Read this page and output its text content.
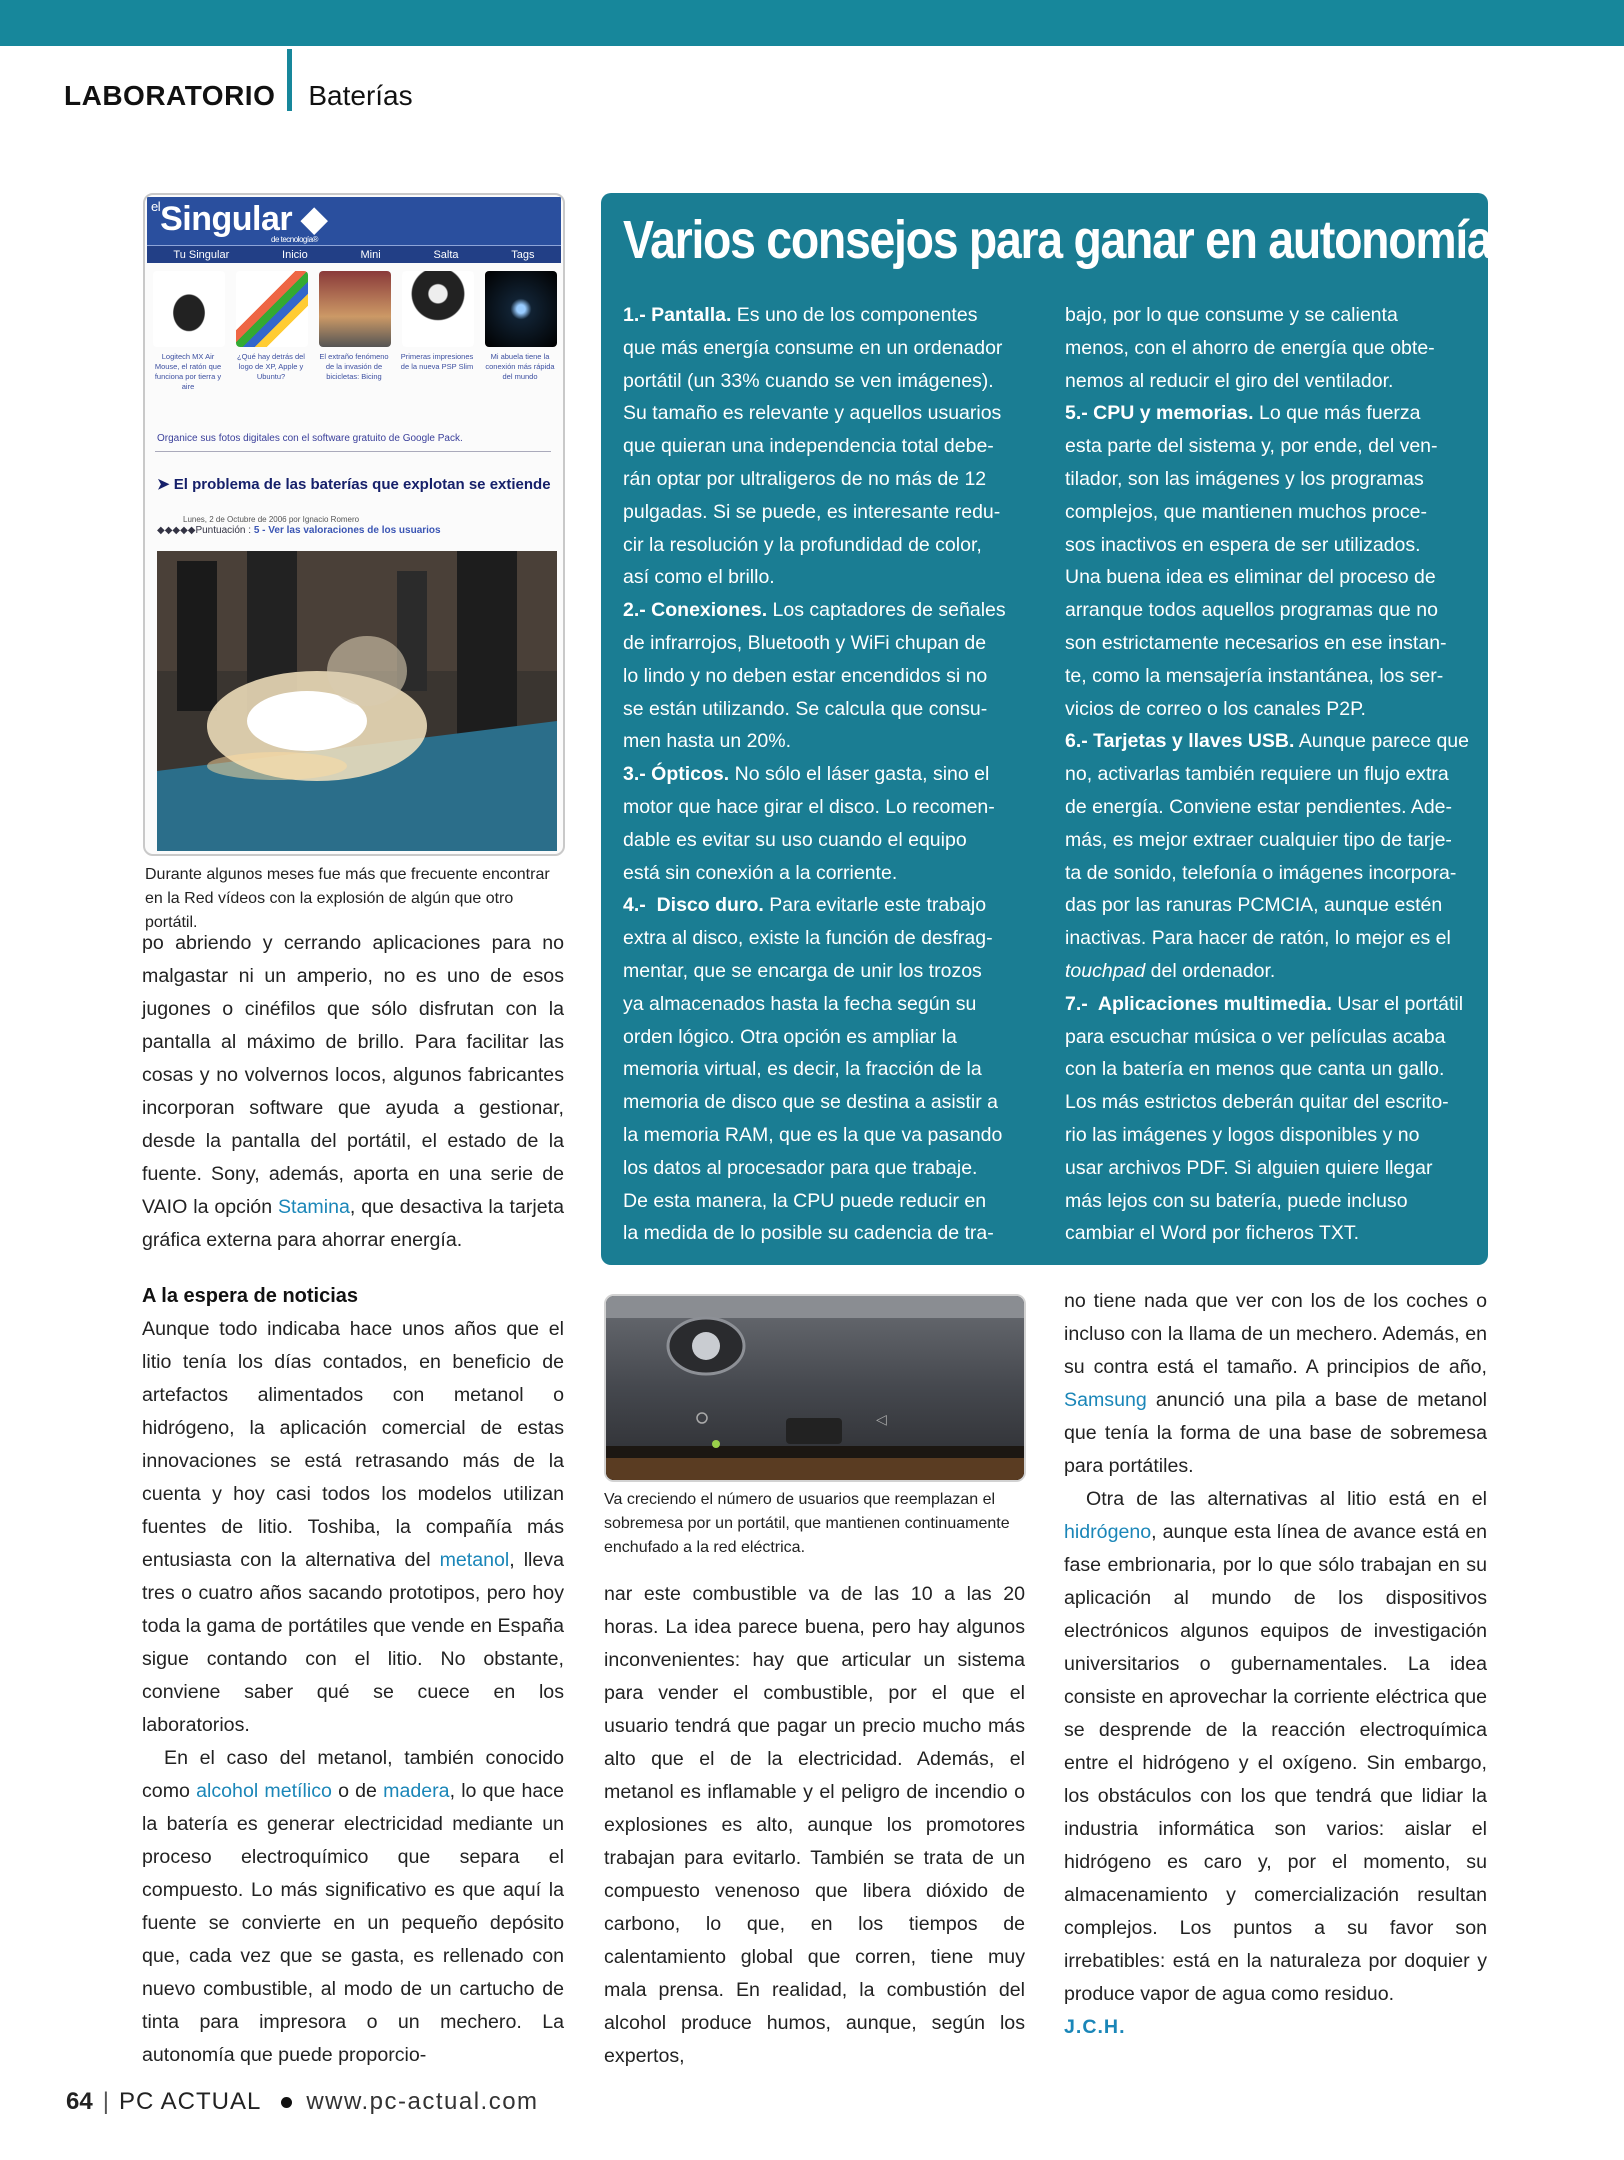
LABORATORIO Baterías
$^{el}$Singular ◆
de tecnología®
Tu Singular	Inicio	Mini	Salta	Tags
Logitech MX Air Mouse, el ratón que funciona por tierra y aire
¿Qué hay detrás del logo de XP, Apple y Ubuntu?
El extraño fenómeno de la invasión de bicicletas: Bicing
Primeras impresiones de la nueva PSP Slim
Mi abuela tiene la conexión más rápida del mundo
Organice sus fotos digitales con el software gratuito de Google Pack.
➤ El problema de las baterías que explotan se extiende
Lunes, 2 de Octubre de 2006 por Ignacio Romero
◆◆◆◆◆Puntuación : 5 - Ver las valoraciones de los usuarios
Durante algunos meses fue más que frecuente encontrar en la Red vídeos con la explosión de algún que otro portátil.

po abriendo y cerrando aplicaciones para no malgastar ni un amperio, no es uno de esos jugones o cinéfilos que sólo disfrutan con la pantalla al máximo de brillo. Para facilitar las cosas y no volvernos locos, algunos fabricantes incorporan software que ayuda a gestionar, desde la pantalla del portátil, el estado de la fuente. Sony, además, aporta en una serie de VAIO la opción Stamina, que desactiva la tarjeta gráfica externa para ahorrar energía.

A la espera de noticias

Aunque todo indicaba hace unos años que el litio tenía los días contados, en beneficio de artefactos alimentados con metanol o hidrógeno, la aplicación comercial de estas innovaciones se está retrasando más de la cuenta y hoy casi todos los modelos utilizan fuentes de litio. Toshiba, la compañía más entusiasta con la alternativa del metanol, lleva tres o cuatro años sacando prototipos, pero hoy toda la gama de portátiles que vende en España sigue contando con el litio. No obstante, conviene saber qué se cuece en los laboratorios.

En el caso del metanol, también conocido como alcohol metílico o de madera, lo que hace la batería es generar electricidad mediante un proceso electroquímico que separa el compuesto. Lo más significativo es que aquí la fuente se convierte en un pequeño depósito que, cada vez que se gasta, es rellenado con nuevo combustible, al modo de un cartucho de tinta para impresora o un mechero. La autonomía que puede proporcio-

Varios consejos para ganar en autonomía
1.- Pantalla. Es uno de los componentes
que más energía consume en un ordenador
portátil (un 33% cuando se ven imágenes).
Su tamaño es relevante y aquellos usuarios
que quieran una independencia total debe-
rán optar por ultraligeros de no más de 12
pulgadas. Si se puede, es interesante redu-
cir la resolución y la profundidad de color,
así como el brillo.
2.- Conexiones. Los captadores de señales
de infrarrojos, Bluetooth y WiFi chupan de
lo lindo y no deben estar encendidos si no
se están utilizando. Se calcula que consu-
men hasta un 20%.
3.- Ópticos. No sólo el láser gasta, sino el
motor que hace girar el disco. Lo recomen-
dable es evitar su uso cuando el equipo
está sin conexión a la corriente.
4.-  Disco duro. Para evitarle este trabajo
extra al disco, existe la función de desfrag-
mentar, que se encarga de unir los trozos
ya almacenados hasta la fecha según su
orden lógico. Otra opción es ampliar la
memoria virtual, es decir, la fracción de la
memoria de disco que se destina a asistir a
la memoria RAM, que es la que va pasando
los datos al procesador para que trabaje.
De esta manera, la CPU puede reducir en
la medida de lo posible su cadencia de tra-
bajo, por lo que consume y se calienta
menos, con el ahorro de energía que obte-
nemos al reducir el giro del ventilador.
5.- CPU y memorias. Lo que más fuerza
esta parte del sistema y, por ende, del ven-
tilador, son las imágenes y los programas
complejos, que mantienen muchos proce-
sos inactivos en espera de ser utilizados.
Una buena idea es eliminar del proceso de
arranque todos aquellos programas que no
son estrictamente necesarios en ese instan-
te, como la mensajería instantánea, los ser-
vicios de correo o los canales P2P.
6.- Tarjetas y llaves USB. Aunque parece que
no, activarlas también requiere un flujo extra
de energía. Conviene estar pendientes. Ade-
más, es mejor extraer cualquier tipo de tarje-
ta de sonido, telefonía o imágenes incorpora-
das por las ranuras PCMCIA, aunque estén
inactivas. Para hacer de ratón, lo mejor es el
touchpad del ordenador.
7.-  Aplicaciones multimedia. Usar el portátil
para escuchar música o ver películas acaba
con la batería en menos que canta un gallo.
Los más estrictos deberán quitar del escrito-
rio las imágenes y logos disponibles y no
usar archivos PDF. Si alguien quiere llegar
más lejos con su batería, puede incluso
cambiar el Word por ficheros TXT.
◁
Va creciendo el número de usuarios que reemplazan el sobremesa por un portátil, que mantienen continuamente enchufado a la red eléctrica.

nar este combustible va de las 10 a las 20 horas. La idea parece buena, pero hay algunos inconvenientes: hay que articular un sistema para vender el combustible, por el que el usuario tendrá que pagar un precio mucho más alto que el de la electricidad. Además, el metanol es inflamable y el peligro de incendio o explosiones es alto, aunque los promotores trabajan para evitarlo. También se trata de un compuesto venenoso que libera dióxido de carbono, lo que, en los tiempos de calentamiento global que corren, tiene muy mala prensa. En realidad, la combustión del alcohol produce humos, aunque, según los expertos,

no tiene nada que ver con los de los coches o incluso con la llama de un mechero. Además, en su contra está el tamaño. A principios de año, Samsung anunció una pila a base de metanol que tenía la forma de una base de sobremesa para portátiles.

Otra de las alternativas al litio está en el hidrógeno, aunque esta línea de avance está en fase embrionaria, por lo que sólo trabajan en su aplicación al mundo de los dispositivos electrónicos algunos equipos de investigación universitarios o gubernamentales. La idea consiste en aprovechar la corriente eléctrica que se desprende de la reacción electroquímica entre el hidrógeno y el oxígeno. Sin embargo, los obstáculos con los que tendrá que lidiar la industria informática son varios: aislar el hidrógeno es caro y, por el momento, su almacenamiento y comercialización resultan complejos. Los puntos a su favor son irrebatibles: está en la naturaleza por doquier y produce vapor de agua como residuo.

J.C.H.

64 | PC ACTUAL www.pc-actual.com
